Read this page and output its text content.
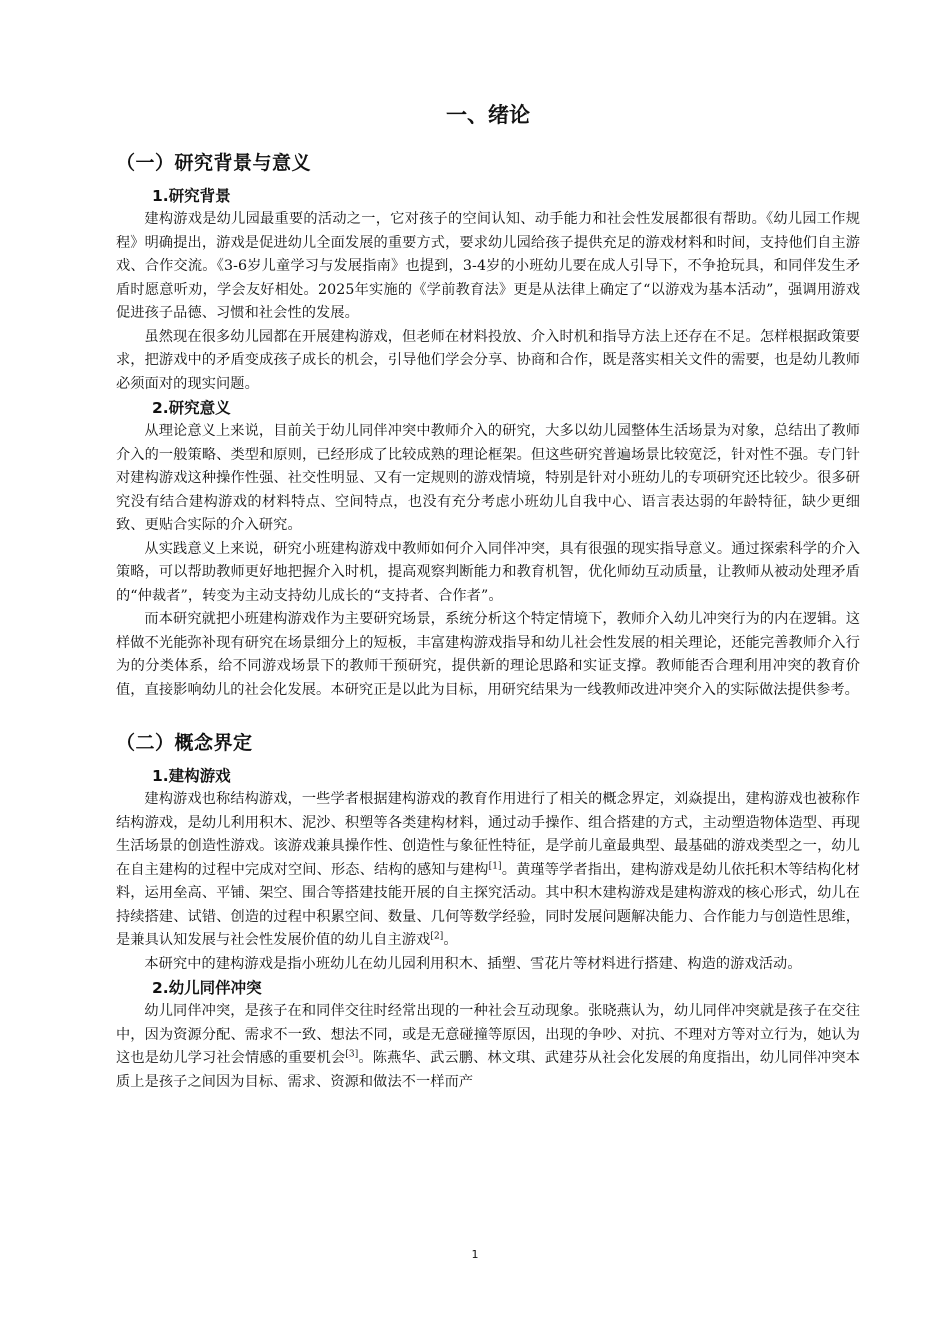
一、绪论
（一）研究背景与意义
1.研究背景

建构游戏是幼儿园最重要的活动之一，它对孩子的空间认知、动手能力和社会性发展都很有帮助。《幼儿园工作规程》明确提出，游戏是促进幼儿全面发展的重要方式，要求幼儿园给孩子提供充足的游戏材料和时间，支持他们自主游戏、合作交流。《3-6岁儿童学习与发展指南》也提到，3-4岁的小班幼儿要在成人引导下，不争抢玩具，和同伴发生矛盾时愿意听劝，学会友好相处。2025年实施的《学前教育法》更是从法律上确定了“以游戏为基本活动”，强调用游戏促进孩子品德、习惯和社会性的发展。

虽然现在很多幼儿园都在开展建构游戏，但老师在材料投放、介入时机和指导方法上还存在不足。怎样根据政策要求，把游戏中的矛盾变成孩子成长的机会，引导他们学会分享、协商和合作，既是落实相关文件的需要，也是幼儿教师必须面对的现实问题。

2.研究意义

从理论意义上来说，目前关于幼儿同伴冲突中教师介入的研究，大多以幼儿园整体生活场景为对象，总结出了教师介入的一般策略、类型和原则，已经形成了比较成熟的理论框架。但这些研究普遍场景比较宽泛，针对性不强。专门针对建构游戏这种操作性强、社交性明显、又有一定规则的游戏情境，特别是针对小班幼儿的专项研究还比较少。很多研究没有结合建构游戏的材料特点、空间特点，也没有充分考虑小班幼儿自我中心、语言表达弱的年龄特征，缺少更细致、更贴合实际的介入研究。

从实践意义上来说，研究小班建构游戏中教师如何介入同伴冲突，具有很强的现实指导意义。通过探索科学的介入策略，可以帮助教师更好地把握介入时机，提高观察判断能力和教育机智，优化师幼互动质量，让教师从被动处理矛盾的“仲裁者”，转变为主动支持幼儿成长的“支持者、合作者”。

而本研究就把小班建构游戏作为主要研究场景，系统分析这个特定情境下，教师介入幼儿冲突行为的内在逻辑。这样做不光能弥补现有研究在场景细分上的短板，丰富建构游戏指导和幼儿社会性发展的相关理论，还能完善教师介入行为的分类体系，给不同游戏场景下的教师干预研究，提供新的理论思路和实证支撑。教师能否合理利用冲突的教育价值，直接影响幼儿的社会化发展。本研究正是以此为目标，用研究结果为一线教师改进冲突介入的实际做法提供参考。

（二）概念界定
1.建构游戏

建构游戏也称结构游戏，一些学者根据建构游戏的教育作用进行了相关的概念界定，刘焱提出，建构游戏也被称作结构游戏，是幼儿利用积木、泥沙、积塑等各类建构材料，通过动手操作、组合搭建的方式，主动塑造物体造型、再现生活场景的创造性游戏。该游戏兼具操作性、创造性与象征性特征，是学前儿童最典型、最基础的游戏类型之一，幼儿在自主建构的过程中完成对空间、形态、结构的感知与建构[1]。黄瑾等学者指出，建构游戏是幼儿依托积木等结构化材料，运用垒高、平铺、架空、围合等搭建技能开展的自主探究活动。其中积木建构游戏是建构游戏的核心形式，幼儿在持续搭建、试错、创造的过程中积累空间、数量、几何等数学经验，同时发展问题解决能力、合作能力与创造性思维，是兼具认知发展与社会性发展价值的幼儿自主游戏[2]。

本研究中的建构游戏是指小班幼儿在幼儿园利用积木、插塑、雪花片等材料进行搭建、构造的游戏活动。

2.幼儿同伴冲突

幼儿同伴冲突，是孩子在和同伴交往时经常出现的一种社会互动现象。张晓燕认为，幼儿同伴冲突就是孩子在交往中，因为资源分配、需求不一致、想法不同，或是无意碰撞等原因，出现的争吵、对抗、不理对方等对立行为，她认为这也是幼儿学习社会情感的重要机会[3]。陈燕华、武云鹏、林文琪、武建芬从社会化发展的角度指出，幼儿同伴冲突本质上是孩子之间因为目标、需求、资源和做法不一样而产

1
